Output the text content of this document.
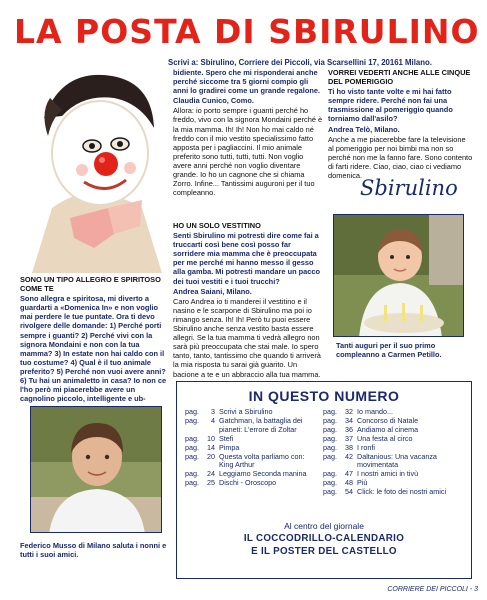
LA POSTA DI SBIRULINO
Scrivi a: Sbirulino, Corriere dei Piccoli, via Scarsellini 17, 20161 Milano.

SONO UN TIPO ALLEGRO E SPIRITOSO COME TE

Sono allegra e spiritosa, mi diverto a guardarti a «Domenica In» e non voglio mai perdere le tue puntate. Ora ti devo rivolgere delle domande: 1) Perché porti sempre i guanti? 2) Perché vivi con la signora Mondaini e non con la tua mamma? 3) In estate non hai caldo con il tuo costume? 4) Qual è il tuo animale preferito? 5) Perché non vuoi avere anni? 6) Tu hai un animaletto in casa? Io non ce l'ho però mi piacerebbe avere un cagnolino piccolo, intelligente e ub-

bidiente. Spero che mi risponderai anche perché siccome tra 5 giorni compio gli anni lo gradirei come un grande regalone.

Claudia Cunico, Como.

Allora: io porto sempre i guanti perché ho freddo, vivo con la signora Mondaini perché è la mia mamma. Ih! Ih! Non ho mai caldo né freddo con il mio vestito specialissimo fatto apposta per i pagliaccini. Il mio animale preferito sono tutti, tutti, tutti. Non voglio avere anni perché non voglio diventare grande. Io ho un cagnone che si chiama Zorro. Infine... Tantissimi auguroni per il tuo compleanno.

HO UN SOLO VESTITINO

Senti Sbirulino mi potresti dire come fai a truccarti così bene così posso far sorridere mia mamma che è preoccupata per me perché mi hanno messo il gesso alla gamba. Mi potresti mandare un pacco dei tuoi vestiti e i tuoi trucchi?

Andrea Saiani, Milano.

Caro Andrea io ti manderei il vestitino e il nasino e le scarpone di Sbirulino ma poi io rimango senza. Ih! Ih! Però tu puoi essere Sbirulino anche senza vestito basta essere allegri. Se la tua mamma ti vedrà allegro non sarà più preoccupata che stai male. Io spero tanto, tanto, tantissimo che quando ti arriverà la mia risposta tu sarai già guarito. Un bacione a te e un abbraccio alla tua mamma.

VORREI VEDERTI ANCHE ALLE CINQUE DEL POMERIGGIO

Ti ho visto tante volte e mi hai fatto sempre ridere. Perché non fai una trasmissione al pomeriggio quando torniamo dall'asilo?

Andrea Telò, Milano.

Anche a me piacerebbe fare la televisione al pomeriggio per noi bimbi ma non so perché non me la fanno fare. Sono contento di farti ridere. Ciao, ciao, ciao ci vediamo domenica.

Sbirulino
Tanti auguri per il suo primo compleanno a Carmen Petillo.
Federico Musso di Milano saluta i nonni e tutti i suoi amici.
IN QUESTO NUMERO
pag.	3 Scrivi a Sbirulino
pag.	4 Gatchman, la battaglia dei pianeti: L'errore di Zoltar
pag.	10 Stefi
pag.	14 Pimpa
pag.	20 Questa volta parliamo con: King Arthur
pag.	24 Leggiamo Seconda manina
pag.	25 Dischi - Oroscopo
pag.	32 Io mando...
pag.	34 Concorso di Natale
pag.	36 Andiamo al cinema
pag.	37 Una festa al circo
pag.	38 I ronfi
pag.	42 Daltanious: Una vacanza movimentata
pag.	47 I nostri amici in tivù
pag.	48 Più
pag.	54 Click: le foto dei nostri amici
Al centro del giornale
IL COCCODRILLO-CALENDARIO
E IL POSTER DEL CASTELLO
CORRIERE DEI PICCOLI - 3
